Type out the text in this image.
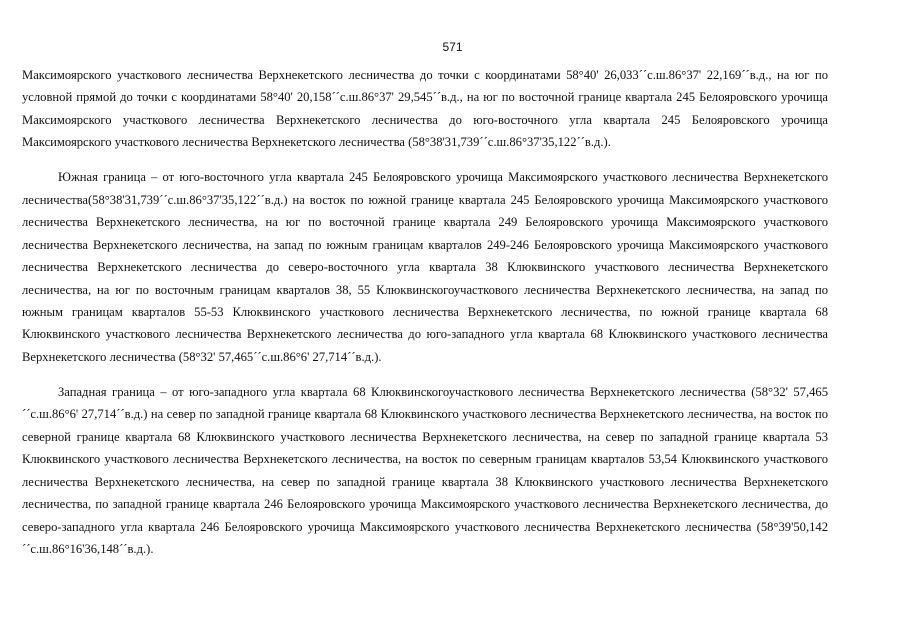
571

Максимоярского участкового лесничества Верхнекетского лесничества до точки с координатами 58°40' 26,033´´с.ш.86°37' 22,169´´в.д., на юг по условной прямой до точки с координатами 58°40' 20,158´´с.ш.86°37' 29,545´´в.д., на юг по восточной границе квартала 245 Белояровского урочища Максимоярского участкового лесничества Верхнекетского лесничества до юго-восточного угла квартала 245 Белояровского урочища Максимоярского участкового лесничества Верхнекетского лесничества (58°38'31,739´´с.ш.86°37'35,122´´в.д.).

Южная граница – от юго-восточного угла квартала 245 Белояровского урочища Максимоярского участкового лесничества Верхнекетского лесничества(58°38'31,739´´с.ш.86°37'35,122´´в.д.) на восток по южной границе квартала 245 Белояровского урочища Максимоярского участкового лесничества Верхнекетского лесничества, на юг по восточной границе квартала 249 Белояровского урочища Максимоярского участкового лесничества Верхнекетского лесничества, на запад по южным границам кварталов 249-246 Белояровского урочища Максимоярского участкового лесничества Верхнекетского лесничества до северо-восточного угла квартала 38 Клюквинского участкового лесничества Верхнекетского лесничества, на юг по восточным границам кварталов 38, 55 Клюквинскогоучасткового лесничества Верхнекетского лесничества, на запад по южным границам кварталов 55-53 Клюквинского участкового лесничества Верхнекетского лесничества, по южной границе квартала 68 Клюквинского участкового лесничества Верхнекетского лесничества до юго-западного угла квартала 68 Клюквинского участкового лесничества Верхнекетского лесничества (58°32' 57,465´´с.ш.86°6' 27,714´´в.д.).

Западная граница – от юго-западного угла квартала 68 Клюквинскогоучасткового лесничества Верхнекетского лесничества (58°32' 57,465´´с.ш.86°6' 27,714´´в.д.) на север по западной границе квартала 68 Клюквинского участкового лесничества Верхнекетского лесничества, на восток по северной границе квартала 68 Клюквинского участкового лесничества Верхнекетского лесничества, на север по западной границе квартала 53 Клюквинского участкового лесничества Верхнекетского лесничества, на восток по северным границам кварталов 53,54 Клюквинского участкового лесничества Верхнекетского лесничества, на север по западной границе квартала 38 Клюквинского участкового лесничества Верхнекетского лесничества, по западной границе квартала 246 Белояровского урочища Максимоярского участкового лесничества Верхнекетского лесничества, до северо-западного угла квартала 246 Белояровского урочища Максимоярского участкового лесничества Верхнекетского лесничества (58°39'50,142´´с.ш.86°16'36,148´´в.д.).
